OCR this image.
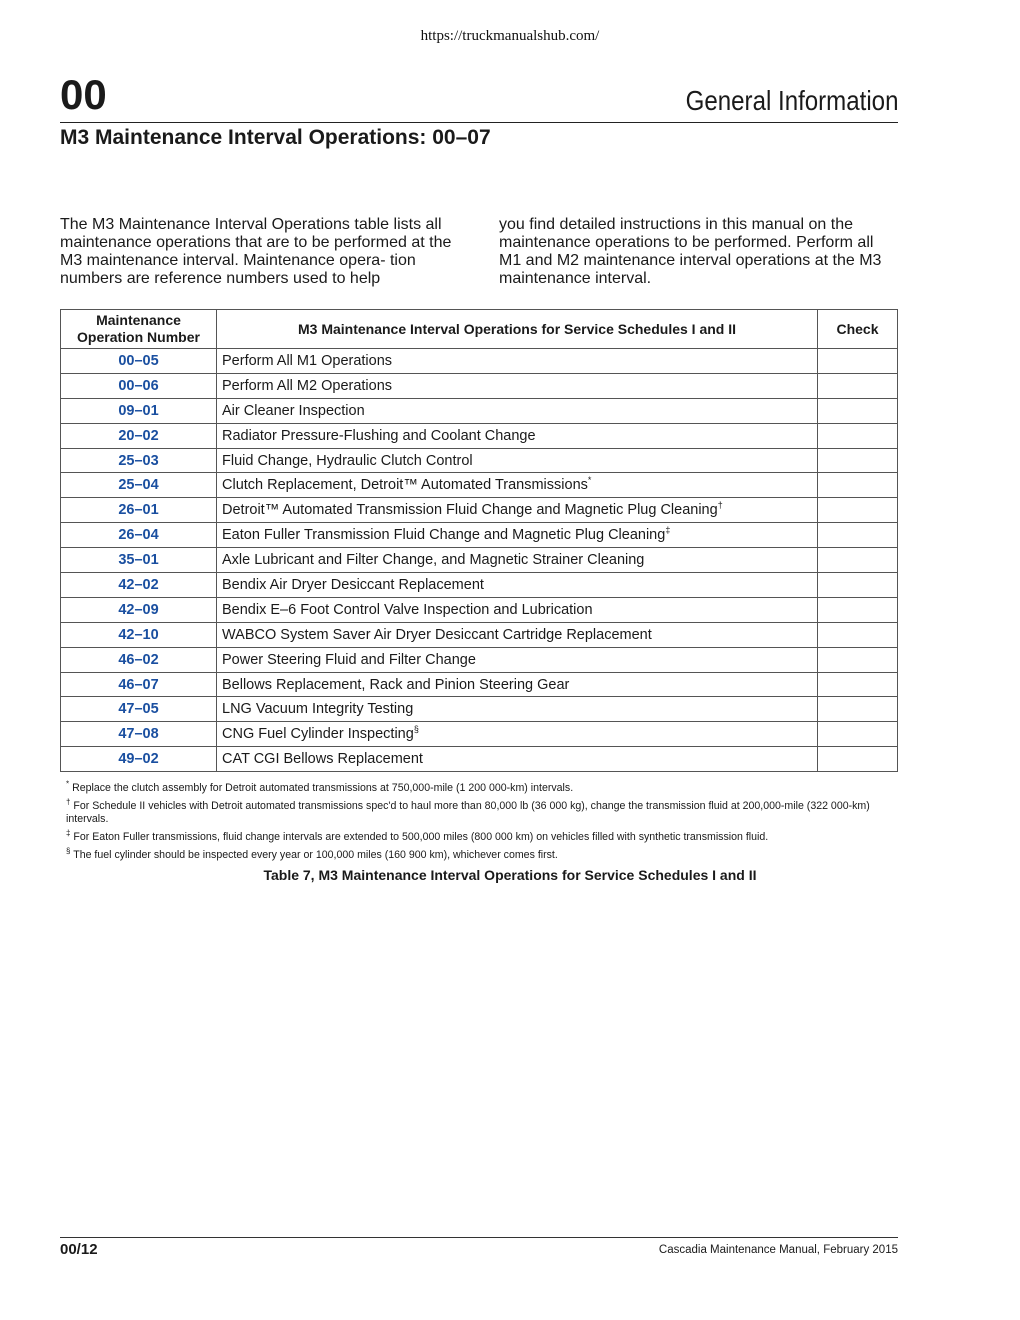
https://truckmanualshub.com/
00	General Information
M3 Maintenance Interval Operations: 00–07

The M3 Maintenance Interval Operations table lists all maintenance operations that are to be performed at the M3 maintenance interval. Maintenance opera- tion numbers are reference numbers used to help

you find detailed instructions in this manual on the maintenance operations to be performed. Perform all M1 and M2 maintenance interval operations at the M3 maintenance interval.

Maintenance Operation Number	M3 Maintenance Interval Operations for Service Schedules I and II	Check
00–05	Perform All M1 Operations	
00–06	Perform All M2 Operations	
09–01	Air Cleaner Inspection	
20–02	Radiator Pressure-Flushing and Coolant Change	
25–03	Fluid Change, Hydraulic Clutch Control	
25–04	Clutch Replacement, Detroit™ Automated Transmissions*	
26–01	Detroit™ Automated Transmission Fluid Change and Magnetic Plug Cleaning†	
26–04	Eaton Fuller Transmission Fluid Change and Magnetic Plug Cleaning‡	
35–01	Axle Lubricant and Filter Change, and Magnetic Strainer Cleaning	
42–02	Bendix Air Dryer Desiccant Replacement	
42–09	Bendix E–6 Foot Control Valve Inspection and Lubrication	
42–10	WABCO System Saver Air Dryer Desiccant Cartridge Replacement	
46–02	Power Steering Fluid and Filter Change	
46–07	Bellows Replacement, Rack and Pinion Steering Gear	
47–05	LNG Vacuum Integrity Testing	
47–08	CNG Fuel Cylinder Inspecting§	
49–02	CAT CGI Bellows Replacement	

* Replace the clutch assembly for Detroit automated transmissions at 750,000-mile (1 200 000-km) intervals.

† For Schedule II vehicles with Detroit automated transmissions spec'd to haul more than 80,000 lb (36 000 kg), change the transmission fluid at 200,000-mile (322 000-km) intervals.

‡ For Eaton Fuller transmissions, fluid change intervals are extended to 500,000 miles (800 000 km) on vehicles filled with synthetic transmission fluid.

§ The fuel cylinder should be inspected every year or 100,000 miles (160 900 km), whichever comes first.

Table 7, M3 Maintenance Interval Operations for Service Schedules I and II
00/12	Cascadia Maintenance Manual, February 2015
